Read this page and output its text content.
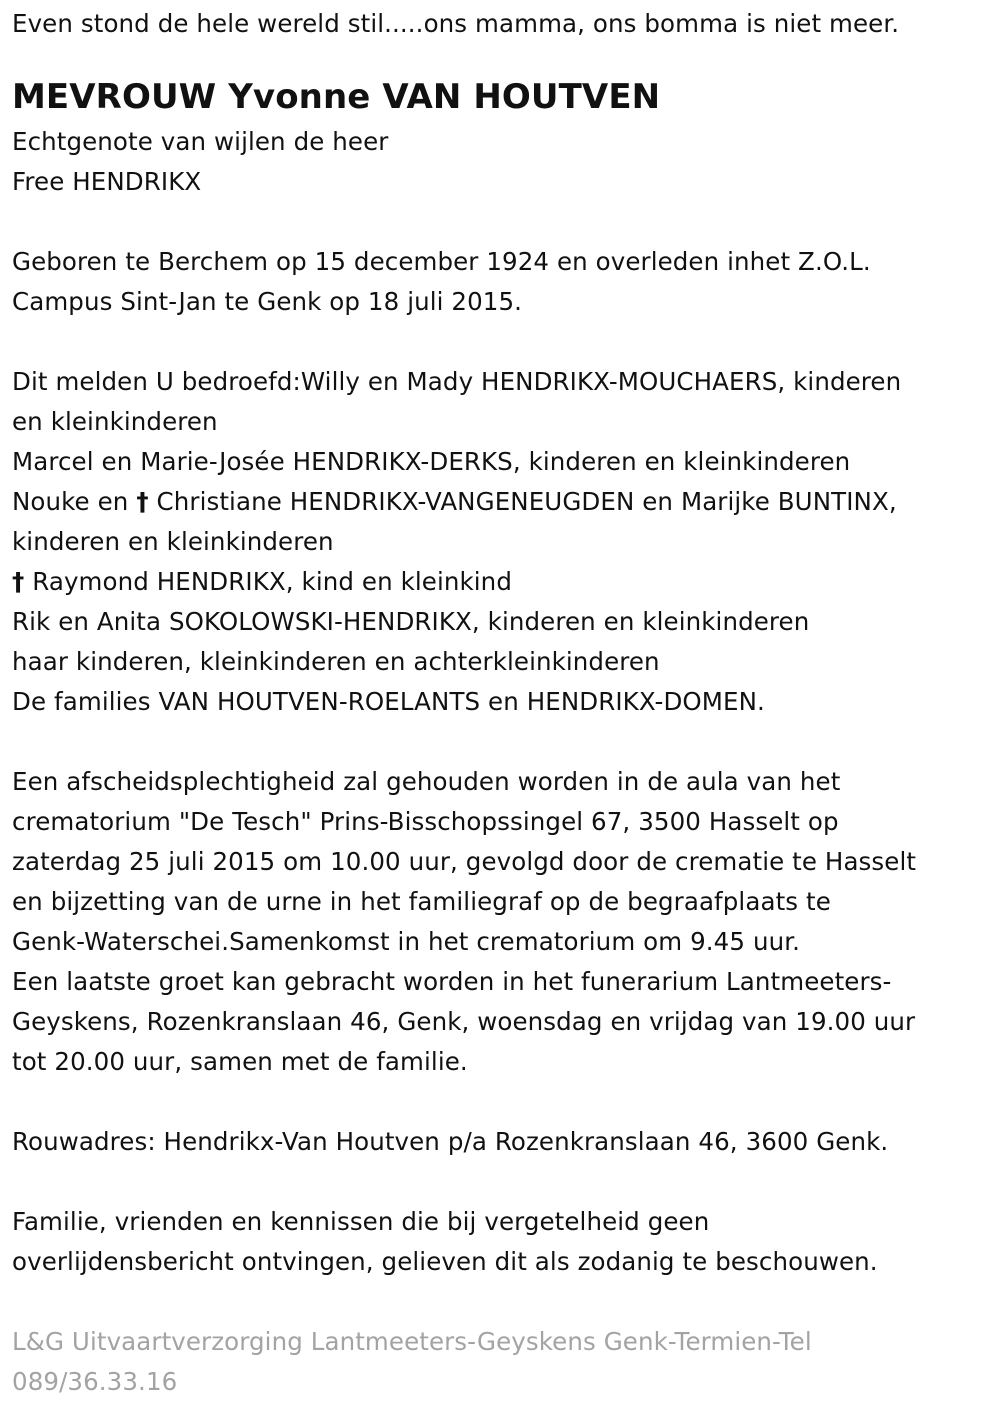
Even stond de hele wereld stil.....ons mamma, ons bomma is niet meer.
MEVROUW Yvonne VAN HOUTVEN
Echtgenote van wijlen de heer
Free HENDRIKX
Geboren te Berchem op 15 december 1924 en overleden inhet Z.O.L.
Campus Sint-Jan te Genk op 18 juli 2015.
Dit melden U bedroefd:Willy en Mady HENDRIKX-MOUCHAERS, kinderen
en kleinkinderen
Marcel en Marie-Josée HENDRIKX-DERKS, kinderen en kleinkinderen
Nouke en † Christiane HENDRIKX-VANGENEUGDEN en Marijke BUNTINX,
kinderen en kleinkinderen
† Raymond HENDRIKX, kind en kleinkind
Rik en Anita SOKOLOWSKI-HENDRIKX, kinderen en kleinkinderen
haar kinderen, kleinkinderen en achterkleinkinderen
De families VAN HOUTVEN-ROELANTS en HENDRIKX-DOMEN.
Een afscheidsplechtigheid zal gehouden worden in de aula van het
crematorium "De Tesch" Prins-Bisschopssingel 67, 3500 Hasselt op
zaterdag 25 juli 2015 om 10.00 uur, gevolgd door de crematie te Hasselt
en bijzetting van de urne in het familiegraf op de begraafplaats te
Genk-Waterschei.Samenkomst in het crematorium om 9.45 uur.
Een laatste groet kan gebracht worden in het funerarium Lantmeeters-
Geyskens, Rozenkranslaan 46, Genk, woensdag en vrijdag van 19.00 uur
tot 20.00 uur, samen met de familie.
Rouwadres: Hendrikx-Van Houtven p/a Rozenkranslaan 46, 3600 Genk.
Familie, vrienden en kennissen die bij vergetelheid geen
overlijdensbericht ontvingen, gelieven dit als zodanig te beschouwen.
L&G Uitvaartverzorging Lantmeeters-Geyskens Genk-Termien-Tel
089/36.33.16
